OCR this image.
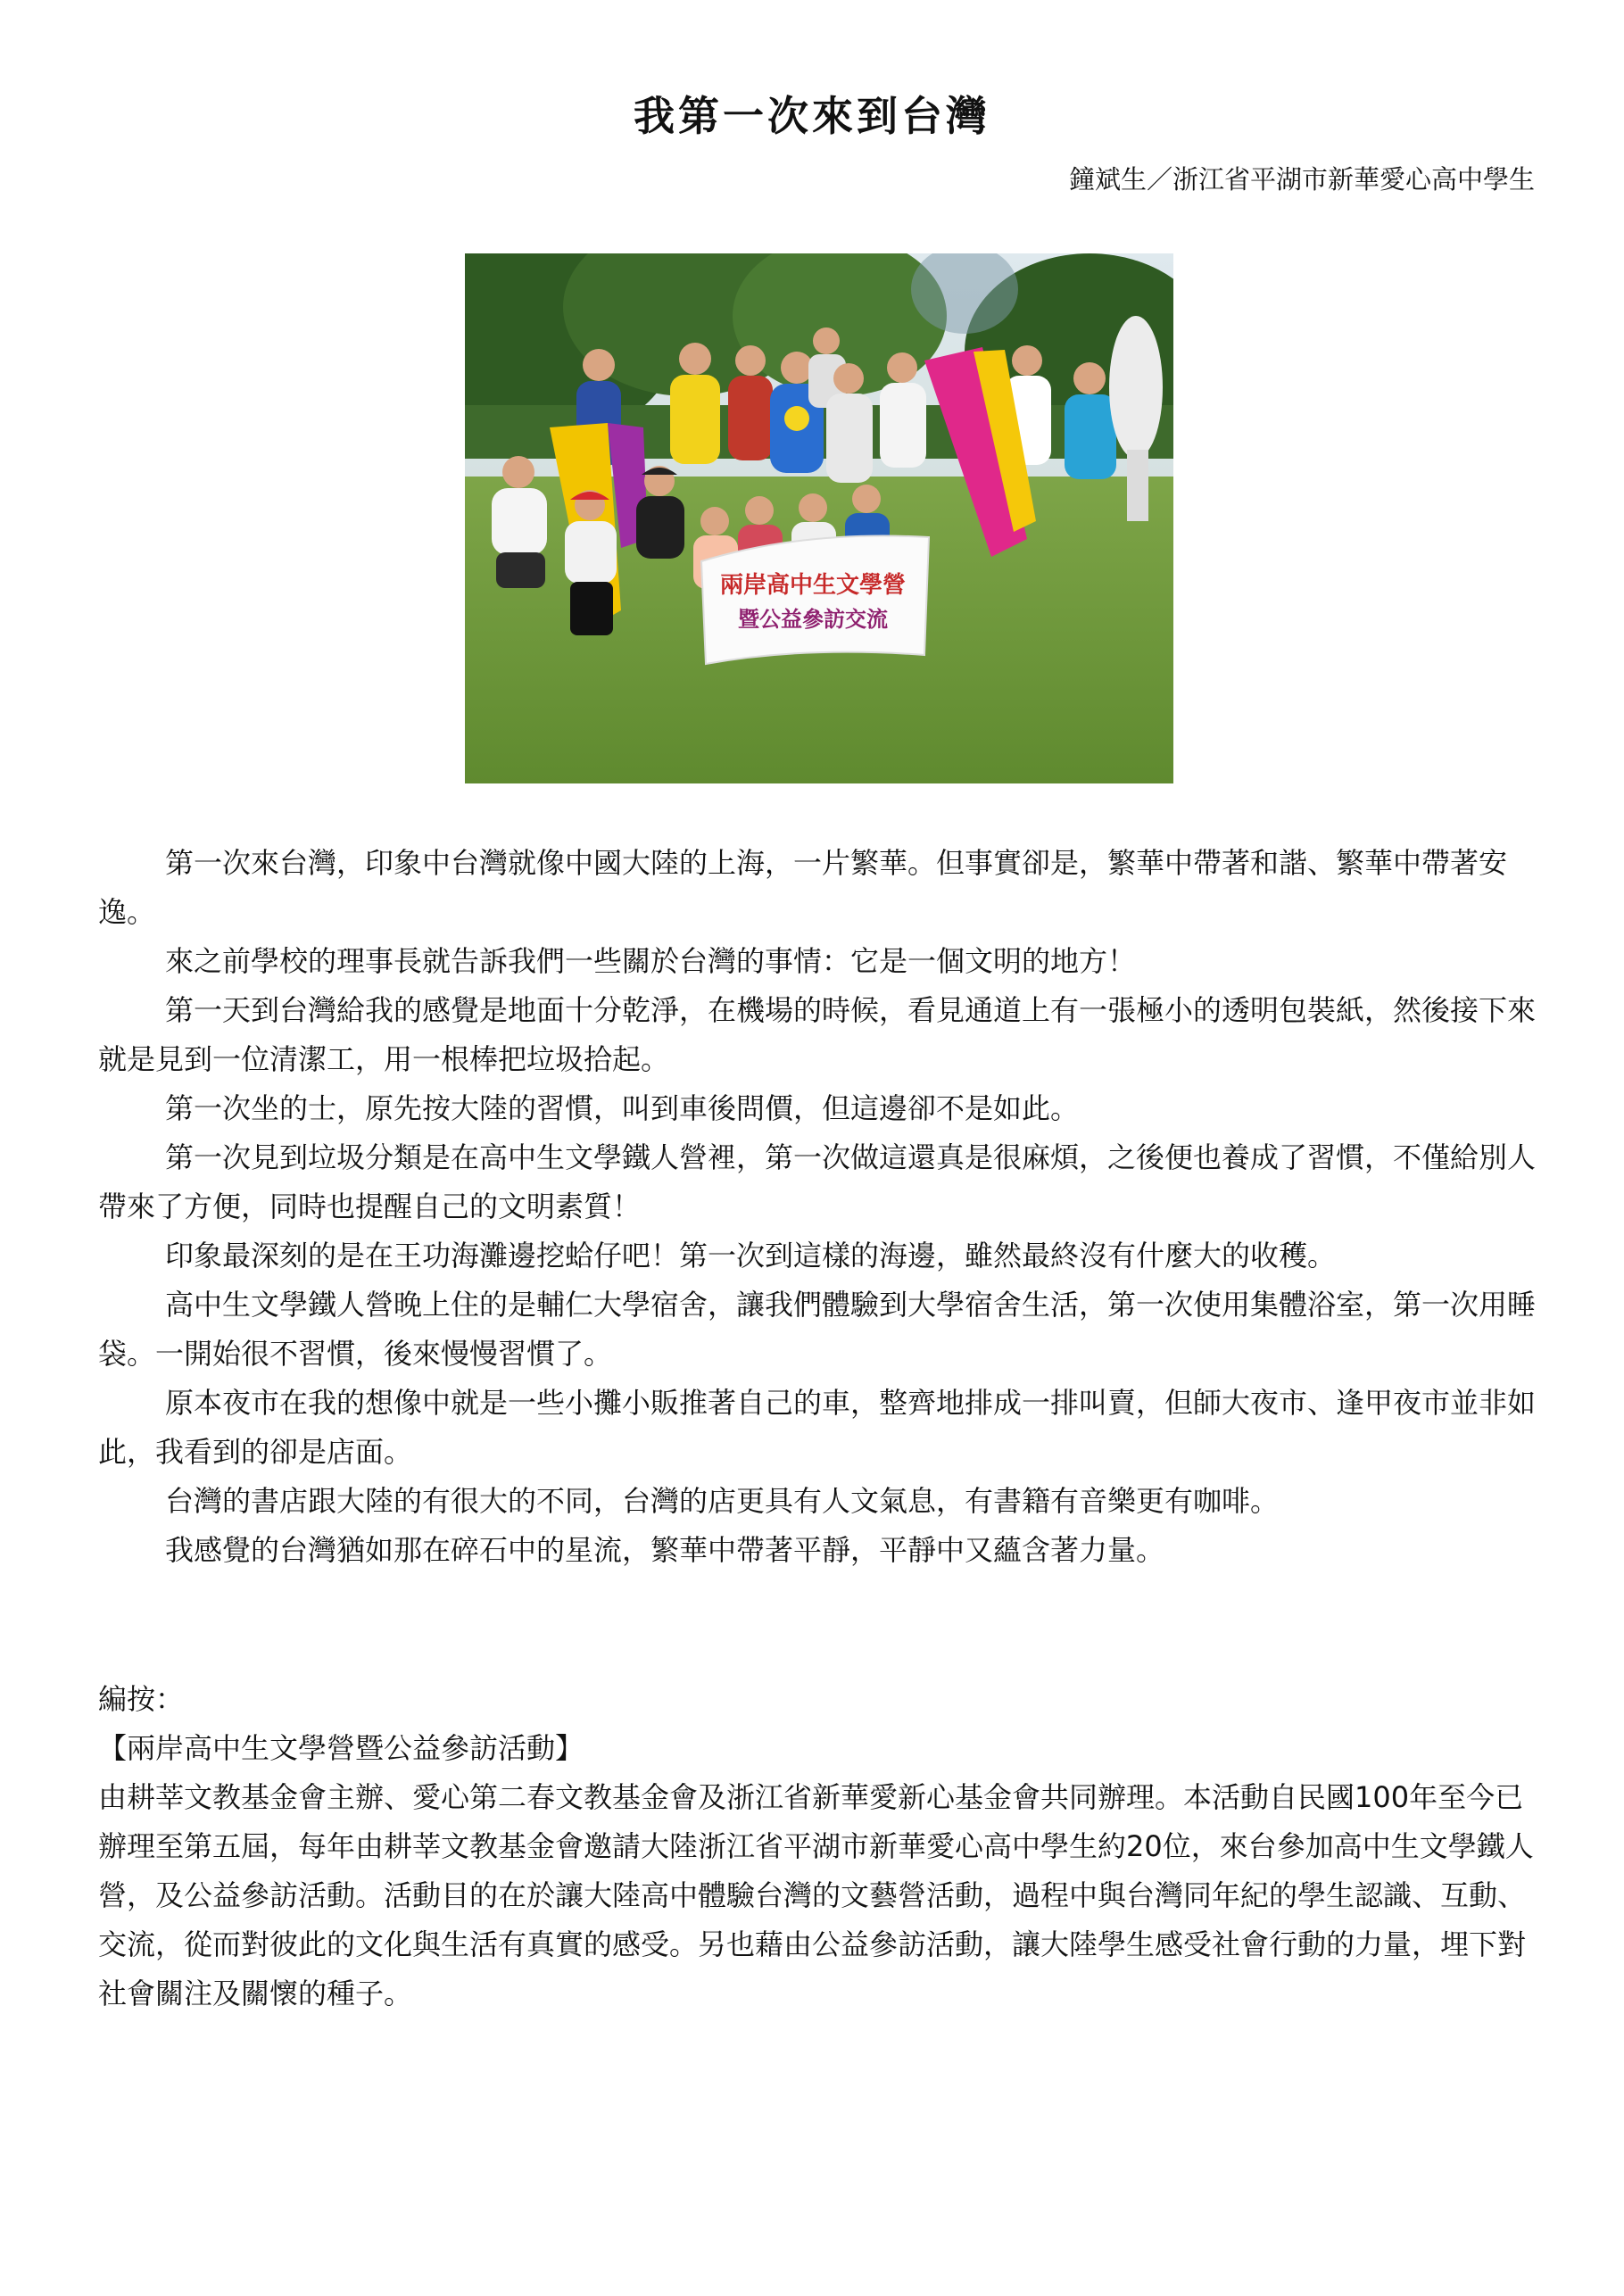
我第一次來到台灣
鐘斌生／浙江省平湖市新華愛心高中學生
兩岸高中生文學營
暨公益參訪交流

第一次來台灣，印象中台灣就像中國大陸的上海，一片繁華。但事實卻是，繁華中帶著和諧、繁華中帶著安逸。

來之前學校的理事長就告訴我們一些關於台灣的事情：它是一個文明的地方！

第一天到台灣給我的感覺是地面十分乾淨，在機場的時候，看見通道上有一張極小的透明包裝紙，然後接下來就是見到一位清潔工，用一根棒把垃圾拾起。

第一次坐的士，原先按大陸的習慣，叫到車後問價，但這邊卻不是如此。

第一次見到垃圾分類是在高中生文學鐵人營裡，第一次做這還真是很麻煩，之後便也養成了習慣，不僅給別人帶來了方便，同時也提醒自己的文明素質！

印象最深刻的是在王功海灘邊挖蛤仔吧！第一次到這樣的海邊，雖然最終沒有什麼大的收穫。

高中生文學鐵人營晚上住的是輔仁大學宿舍，讓我們體驗到大學宿舍生活，第一次使用集體浴室，第一次用睡袋。一開始很不習慣，後來慢慢習慣了。

原本夜市在我的想像中就是一些小攤小販推著自己的車，整齊地排成一排叫賣，但師大夜市、逢甲夜市並非如此，我看到的卻是店面。

台灣的書店跟大陸的有很大的不同，台灣的店更具有人文氣息，有書籍有音樂更有咖啡。

我感覺的台灣猶如那在碎石中的星流，繁華中帶著平靜，平靜中又蘊含著力量。

編按：

【兩岸高中生文學營暨公益參訪活動】

由耕莘文教基金會主辦、愛心第二春文教基金會及浙江省新華愛新心基金會共同辦理。本活動自民國100年至今已辦理至第五屆，每年由耕莘文教基金會邀請大陸浙江省平湖市新華愛心高中學生約20位，來台參加高中生文學鐵人營，及公益參訪活動。活動目的在於讓大陸高中體驗台灣的文藝營活動，過程中與台灣同年紀的學生認識、互動、交流，從而對彼此的文化與生活有真實的感受。另也藉由公益參訪活動，讓大陸學生感受社會行動的力量，埋下對社會關注及關懷的種子。
